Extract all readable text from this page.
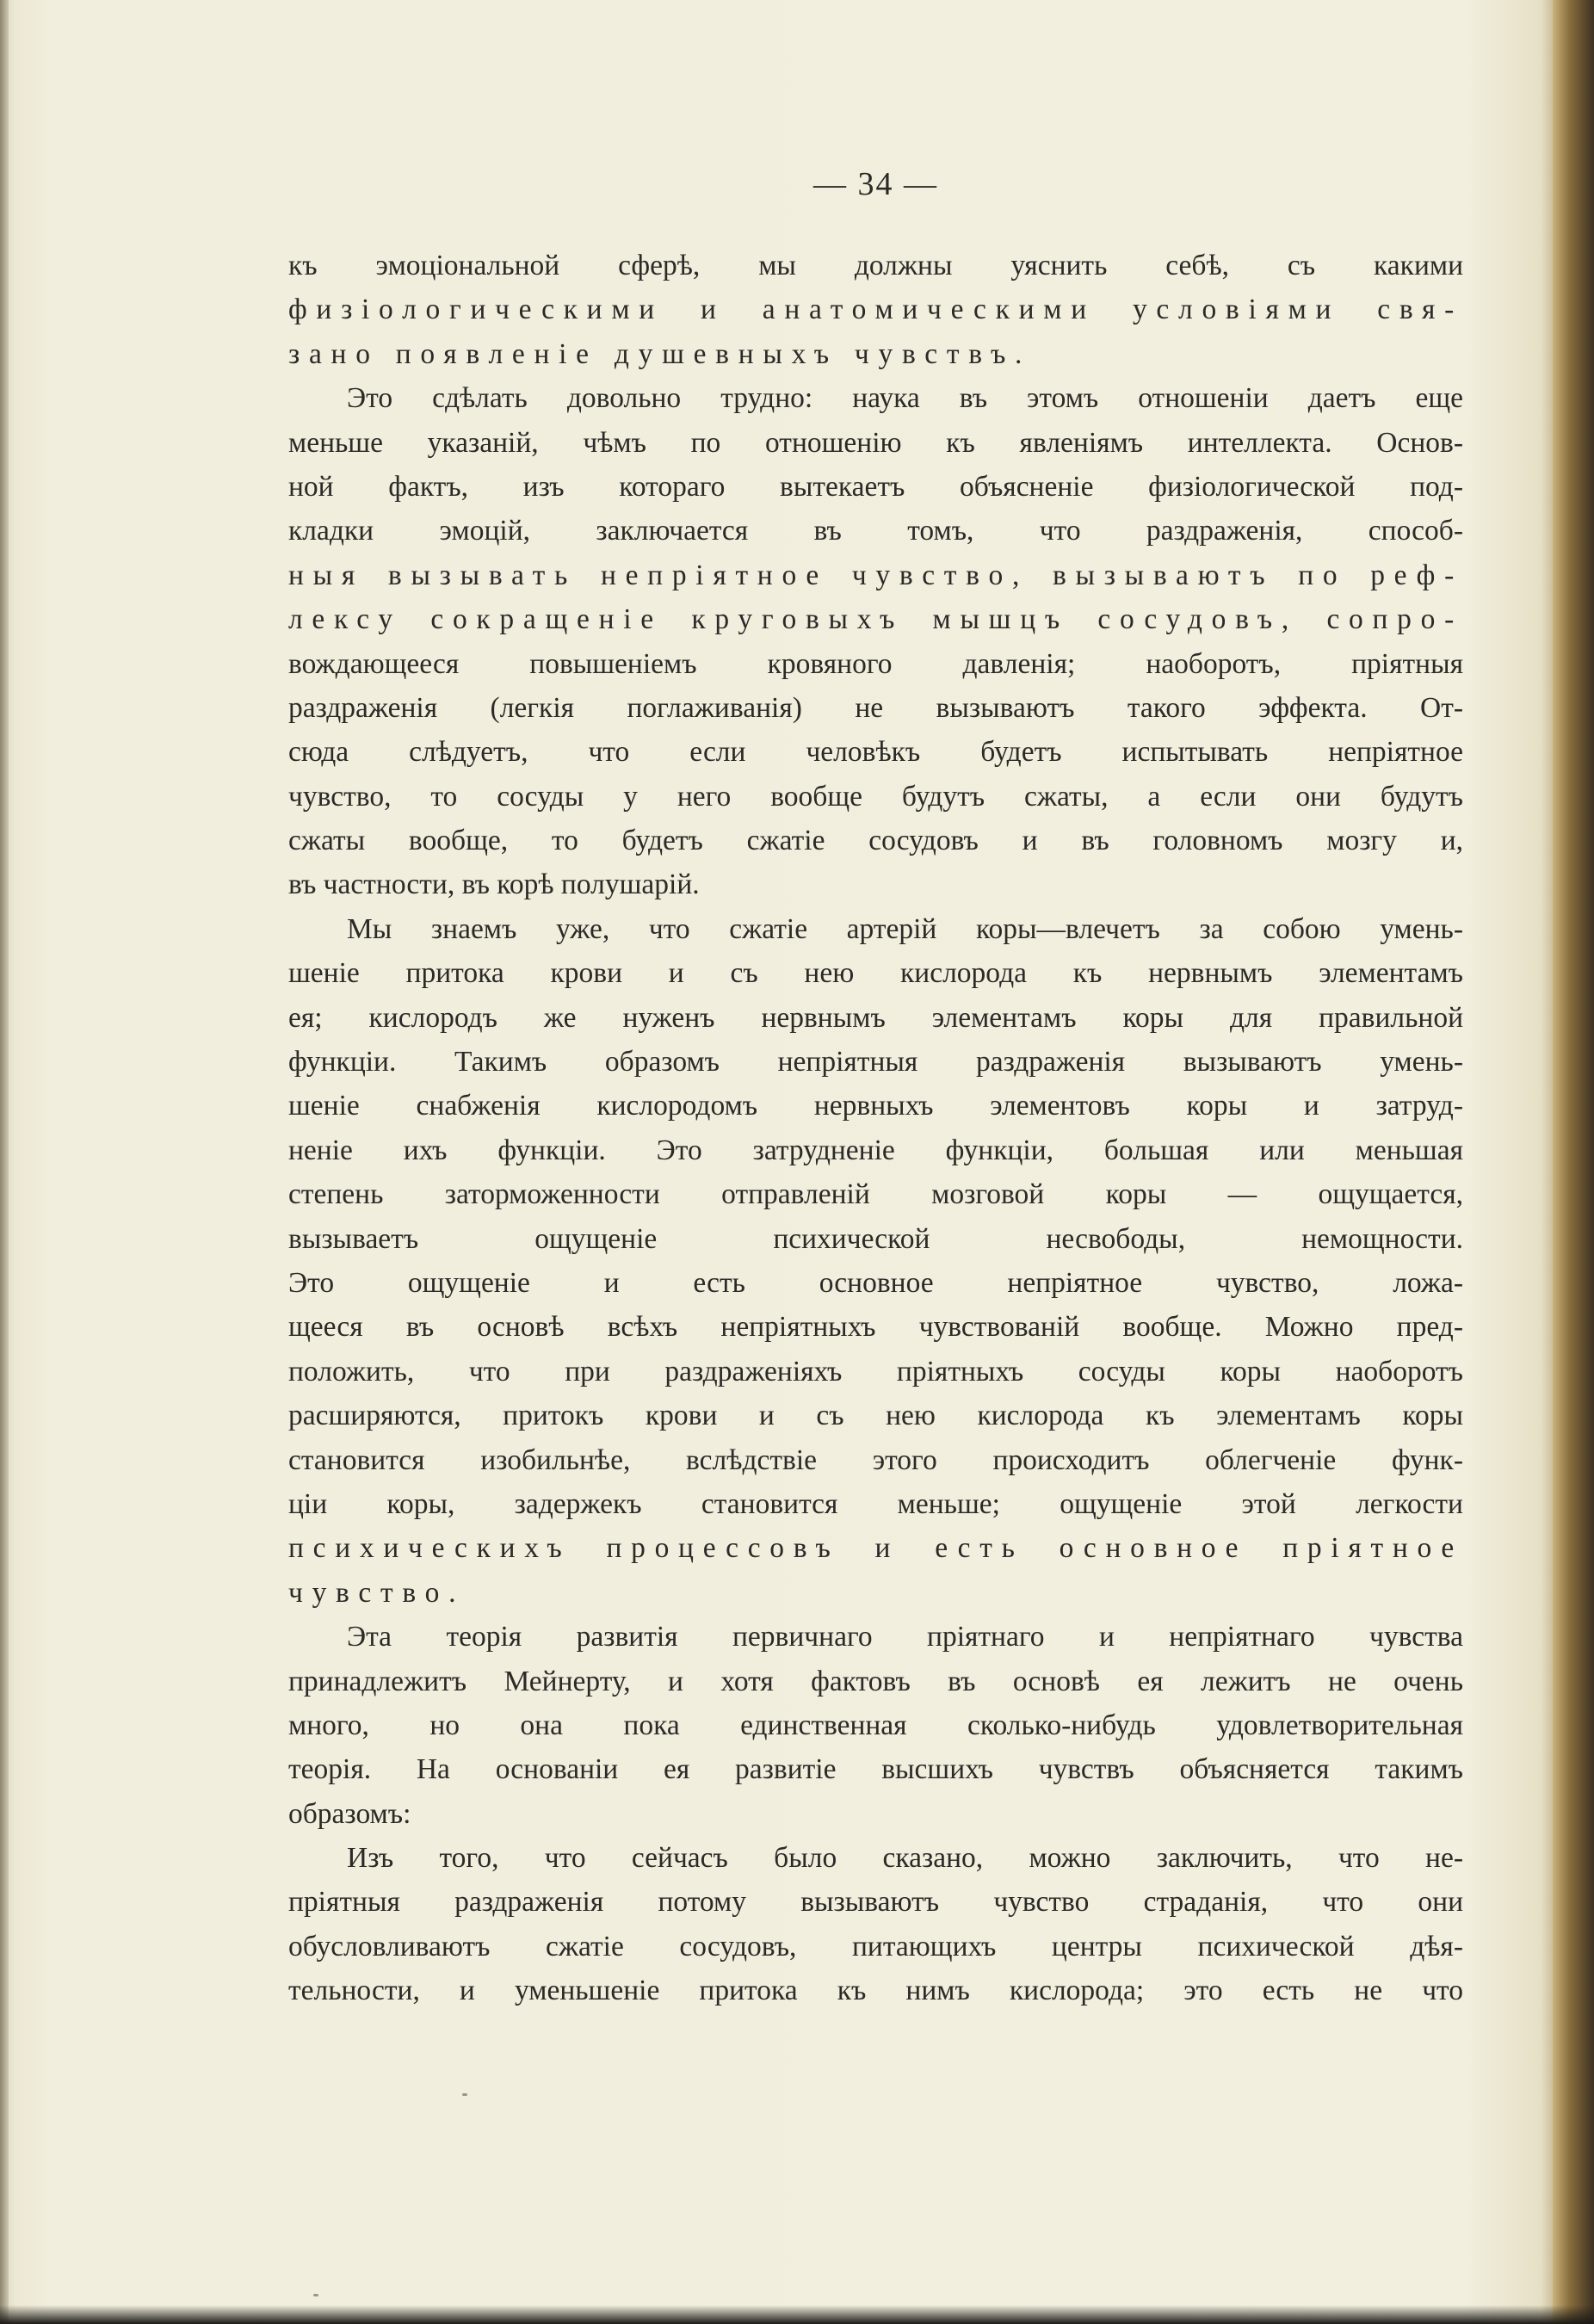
— 34 —
къ эмоціональной сферѣ, мы должны уяснить себѣ, съ какими
физіологическими и анатомическими условіями свя-
зано появленіе душевныхъ чувствъ.
Это сдѣлать довольно трудно: наука въ этомъ отношеніи даетъ еще
меньше указаній, чѣмъ по отношенію къ явленіямъ интеллекта. Основ-
ной фактъ, изъ котораго вытекаетъ объясненіе физіологической под-
кладки эмоцій, заключается въ томъ, что раздраженія, способ-
ныя вызывать непріятное чувство, вызываютъ по реф-
лексу сокращеніе круговыхъ мышцъ сосудовъ, сопро-
вождающееся повышеніемъ кровяного давленія; наоборотъ, пріятныя
раздраженія (легкія поглаживанія) не вызываютъ такого эффекта. От-
сюда слѣдуетъ, что если человѣкъ будетъ испытывать непріятное
чувство, то сосуды у него вообще будутъ сжаты, а если они будутъ
сжаты вообще, то будетъ сжатіе сосудовъ и въ головномъ мозгу и,
въ частности, въ корѣ полушарій.
Мы знаемъ уже, что сжатіе артерій коры—влечетъ за собою умень-
шеніе притока крови и съ нею кислорода къ нервнымъ элементамъ
ея; кислородъ же нуженъ нервнымъ элементамъ коры для правильной
функціи. Такимъ образомъ непріятныя раздраженія вызываютъ умень-
шеніе снабженія кислородомъ нервныхъ элементовъ коры и затруд-
неніе ихъ функціи. Это затрудненіе функціи, большая или меньшая
степень заторможенности отправленій мозговой коры — ощущается,
вызываетъ ощущеніе психической несвободы, немощности.
Это ощущеніе и есть основное непріятное чувство, ложа-
щееся въ основѣ всѣхъ непріятныхъ чувствованій вообще. Можно пред-
положить, что при раздраженіяхъ пріятныхъ сосуды коры наоборотъ
расширяются, притокъ крови и съ нею кислорода къ элементамъ коры
становится изобильнѣе, вслѣдствіе этого происходитъ облегченіе функ-
ціи коры, задержекъ становится меньше; ощущеніе этой легкости
психическихъ процессовъ и есть основное пріятное
чувство.
Эта теорія развитія первичнаго пріятнаго и непріятнаго чувства
принадлежитъ Мейнерту, и хотя фактовъ въ основѣ ея лежитъ не очень
много, но она пока единственная сколько-нибудь удовлетворительная
теорія. На основаніи ея развитіе высшихъ чувствъ объясняется такимъ
образомъ:
Изъ того, что сейчасъ было сказано, можно заключить, что не-
пріятныя раздраженія потому вызываютъ чувство страданія, что они
обусловливаютъ сжатіе сосудовъ, питающихъ центры психической дѣя-
тельности, и уменьшеніе притока къ нимъ кислорода; это есть не что
